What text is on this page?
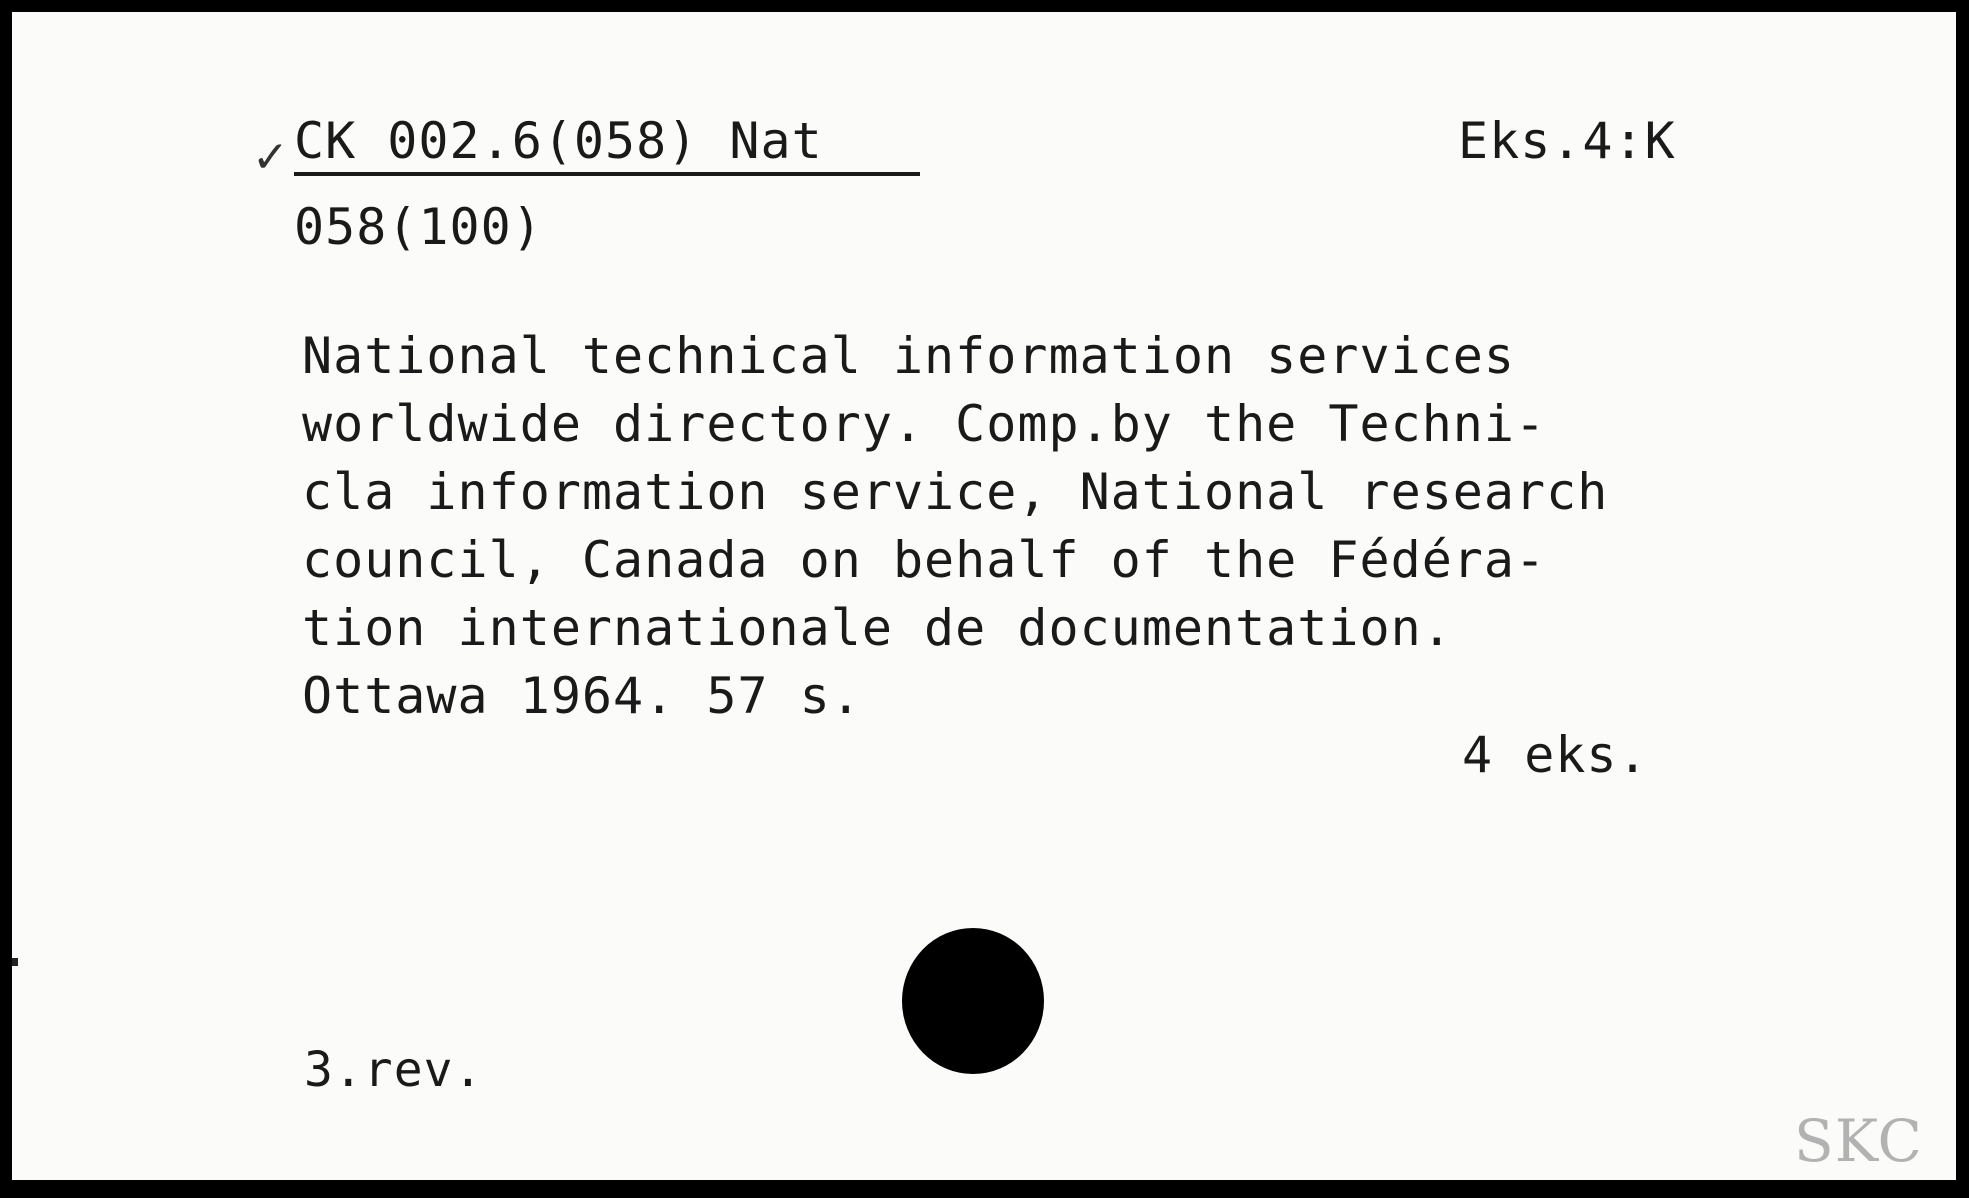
✓ CK 002.6(058) Nat
058(100)
Eks.4:K
National technical information services
worldwide directory. Comp.by the Techni-
cla information service, National research
council, Canada on behalf of the Fédéra-
tion internationale de documentation.
Ottawa 1964. 57 s.
4 eks.
3.rev.
SKC
